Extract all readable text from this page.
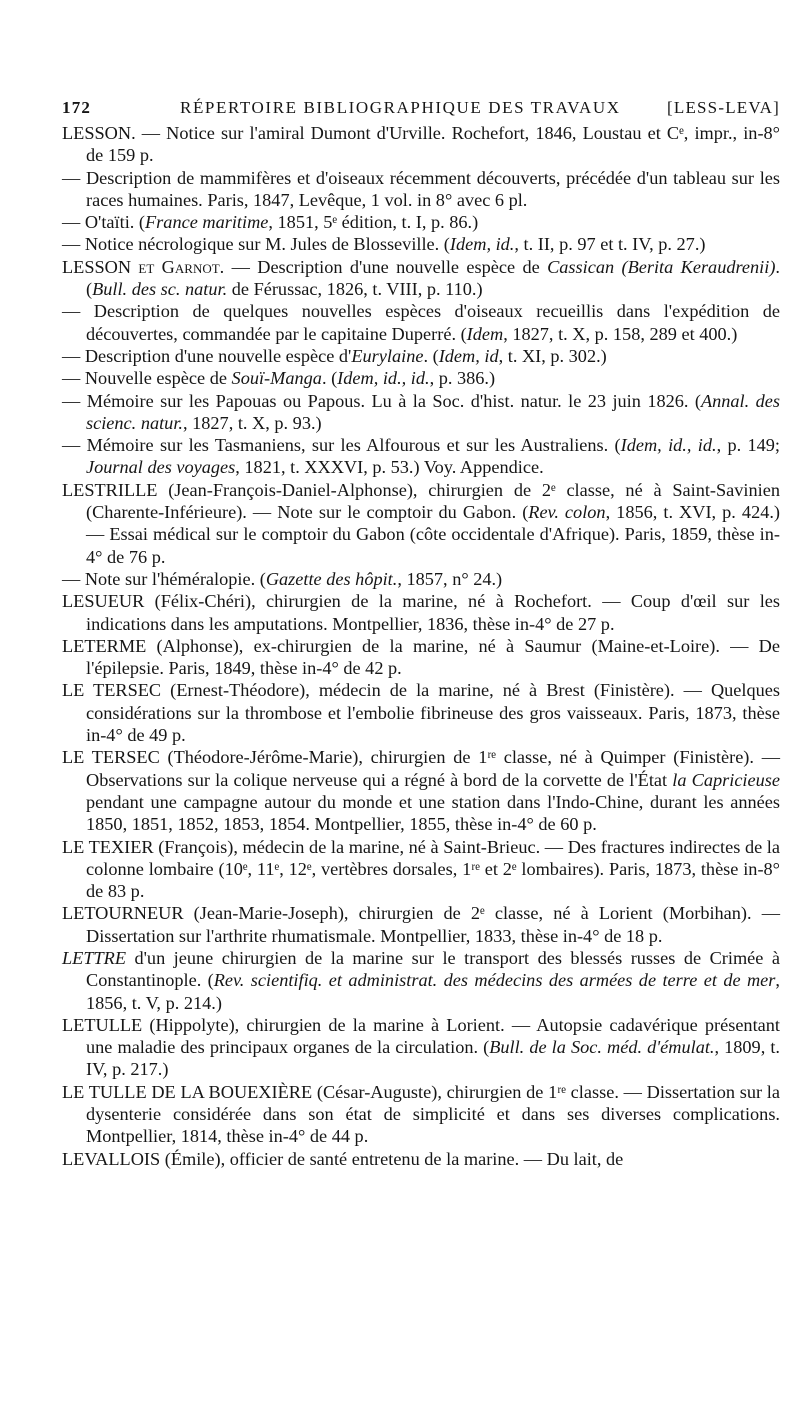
172	RÉPERTOIRE BIBLIOGRAPHIQUE DES TRAVAUX	[LESS-LEVA]

LESSON. — Notice sur l'amiral Dumont d'Urville. Rochefort, 1846, Loustau et Cᵉ, impr., in-8° de 159 p.

— Description de mammifères et d'oiseaux récemment découverts, précédée d'un tableau sur les races humaines. Paris, 1847, Levêque, 1 vol. in 8° avec 6 pl.

— O'taïti. (France maritime, 1851, 5ᵉ édition, t. I, p. 86.)

— Notice nécrologique sur M. Jules de Blosseville. (Idem, id., t. II, p. 97 et t. IV, p. 27.)

LESSON et Garnot. — Description d'une nouvelle espèce de Cassican (Berita Keraudrenii). (Bull. des sc. natur. de Férussac, 1826, t. VIII, p. 110.)

— Description de quelques nouvelles espèces d'oiseaux recueillis dans l'expédition de découvertes, commandée par le capitaine Duperré. (Idem, 1827, t. X, p. 158, 289 et 400.)

— Description d'une nouvelle espèce d'Eurylaine. (Idem, id, t. XI, p. 302.)

— Nouvelle espèce de Souï-Manga. (Idem, id., id., p. 386.)

— Mémoire sur les Papouas ou Papous. Lu à la Soc. d'hist. natur. le 23 juin 1826. (Annal. des scienc. natur., 1827, t. X, p. 93.)

— Mémoire sur les Tasmaniens, sur les Alfourous et sur les Australiens. (Idem, id., id., p. 149; Journal des voyages, 1821, t. XXXVI, p. 53.) Voy. Appendice.

LESTRILLE (Jean-François-Daniel-Alphonse), chirurgien de 2ᵉ classe, né à Saint-Savinien (Charente-Inférieure). — Note sur le comptoir du Gabon. (Rev. colon, 1856, t. XVI, p. 424.) — Essai médical sur le comptoir du Gabon (côte occidentale d'Afrique). Paris, 1859, thèse in-4° de 76 p.

— Note sur l'héméralopie. (Gazette des hôpit., 1857, n° 24.)

LESUEUR (Félix-Chéri), chirurgien de la marine, né à Rochefort. — Coup d'œil sur les indications dans les amputations. Montpellier, 1836, thèse in-4° de 27 p.

LETERME (Alphonse), ex-chirurgien de la marine, né à Saumur (Maine-et-Loire). — De l'épilepsie. Paris, 1849, thèse in-4° de 42 p.

LE TERSEC (Ernest-Théodore), médecin de la marine, né à Brest (Finistère). — Quelques considérations sur la thrombose et l'embolie fibrineuse des gros vaisseaux. Paris, 1873, thèse in-4° de 49 p.

LE TERSEC (Théodore-Jérôme-Marie), chirurgien de 1ʳᵉ classe, né à Quimper (Finistère). — Observations sur la colique nerveuse qui a régné à bord de la corvette de l'État la Capricieuse pendant une campagne autour du monde et une station dans l'Indo-Chine, durant les années 1850, 1851, 1852, 1853, 1854. Montpellier, 1855, thèse in-4° de 60 p.

LE TEXIER (François), médecin de la marine, né à Saint-Brieuc. — Des fractures indirectes de la colonne lombaire (10ᵉ, 11ᵉ, 12ᵉ, vertèbres dorsales, 1ʳᵉ et 2ᵉ lombaires). Paris, 1873, thèse in-8° de 83 p.

LETOURNEUR (Jean-Marie-Joseph), chirurgien de 2ᵉ classe, né à Lorient (Morbihan). — Dissertation sur l'arthrite rhumatismale. Montpellier, 1833, thèse in-4° de 18 p.

LETTRE d'un jeune chirurgien de la marine sur le transport des blessés russes de Crimée à Constantinople. (Rev. scientifiq. et administrat. des médecins des armées de terre et de mer, 1856, t. V, p. 214.)

LETULLE (Hippolyte), chirurgien de la marine à Lorient. — Autopsie cadavérique présentant une maladie des principaux organes de la circulation. (Bull. de la Soc. méd. d'émulat., 1809, t. IV, p. 217.)

LE TULLE DE LA BOUEXIÈRE (César-Auguste), chirurgien de 1ʳᵉ classe. — Dissertation sur la dysenterie considérée dans son état de simplicité et dans ses diverses complications. Montpellier, 1814, thèse in-4° de 44 p.

LEVALLOIS (Émile), officier de santé entretenu de la marine. — Du lait, de
